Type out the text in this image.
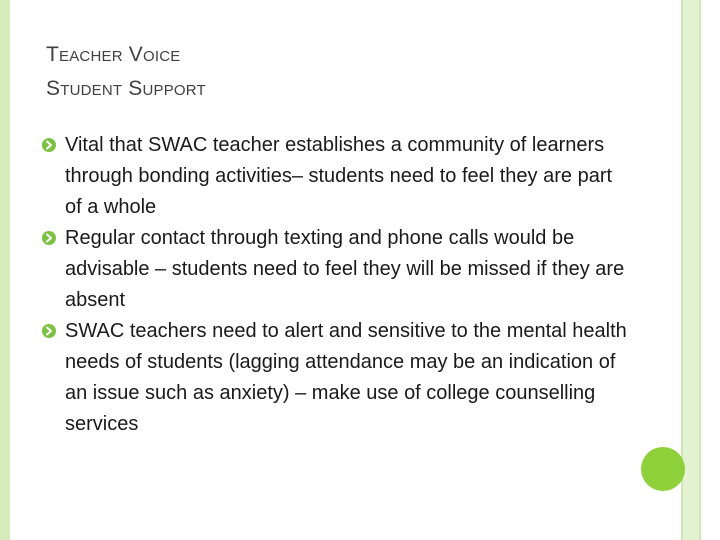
Teacher Voice
Student Support
Vital that SWAC teacher establishes a community of learners through bonding activities– students need to feel they are part of a whole
Regular contact through texting and phone calls would be advisable – students need to feel they will be missed if they are absent
SWAC teachers need to alert and sensitive to the mental health needs of students (lagging attendance may be an indication of an issue such as anxiety) – make use of college counselling services
